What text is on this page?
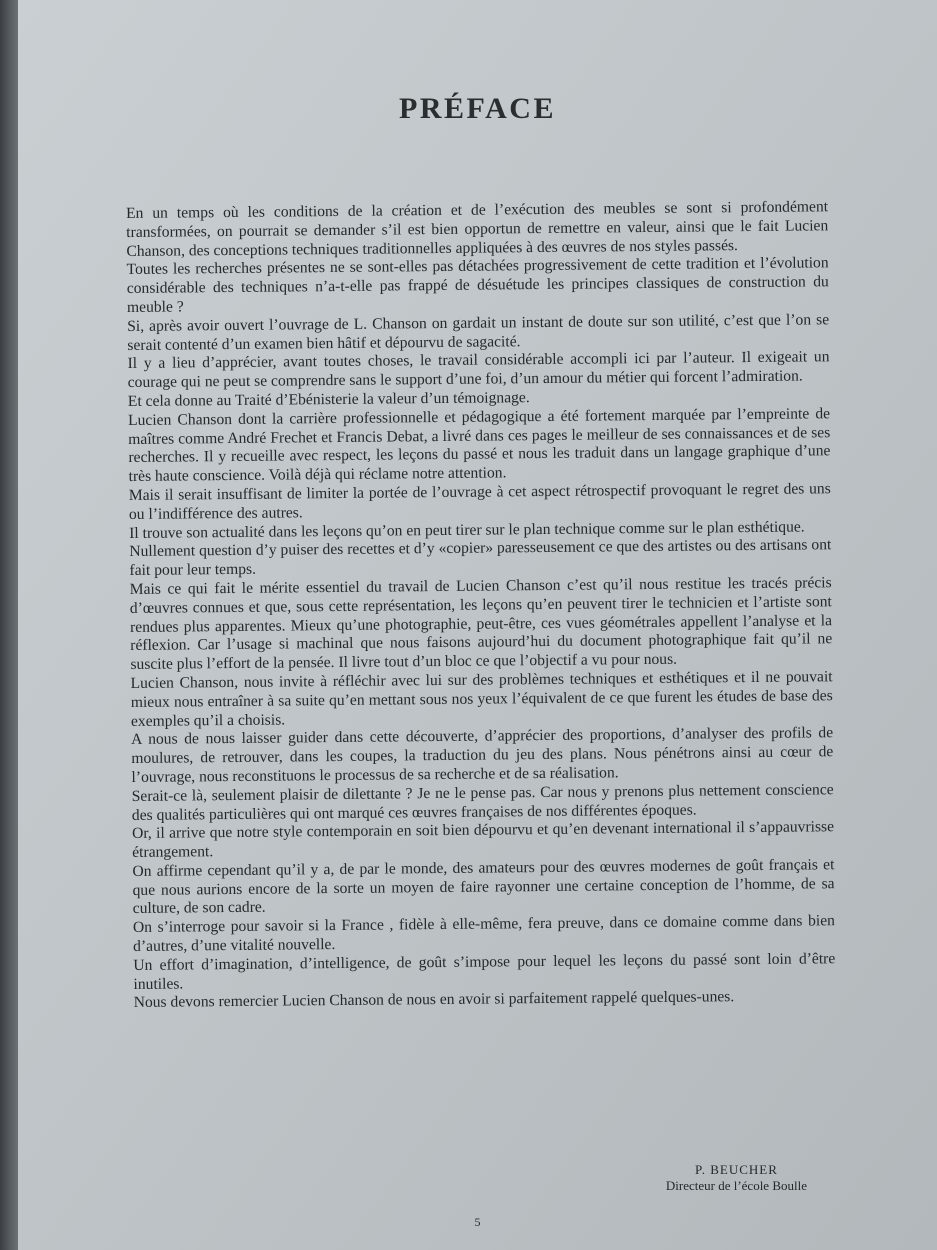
PRÉFACE

En un temps où les conditions de la création et de l’exécution des meubles se sont si profondément transformées, on pourrait se demander s’il est bien opportun de remettre en valeur, ainsi que le fait Lucien Chanson, des conceptions techniques traditionnelles appliquées à des œuvres de nos styles passés.

Toutes les recherches présentes ne se sont-elles pas détachées progressivement de cette tradition et l’évolution considérable des techniques n’a-t-elle pas frappé de désuétude les principes classiques de construction du meuble ?

Si, après avoir ouvert l’ouvrage de L. Chanson on gardait un instant de doute sur son utilité, c’est que l’on se serait contenté d’un examen bien hâtif et dépourvu de sagacité.

Il y a lieu d’apprécier, avant toutes choses, le travail considérable accompli ici par l’auteur. Il exigeait un courage qui ne peut se comprendre sans le support d’une foi, d’un amour du métier qui forcent l’admiration.

Et cela donne au Traité d’Ebénisterie la valeur d’un témoignage.

Lucien Chanson dont la carrière professionnelle et pédagogique a été fortement marquée par l’empreinte de maîtres comme André Frechet et Francis Debat, a livré dans ces pages le meilleur de ses connaissances et de ses recherches. Il y recueille avec respect, les leçons du passé et nous les traduit dans un langage graphique d’une très haute conscience. Voilà déjà qui réclame notre attention.

Mais il serait insuffisant de limiter la portée de l’ouvrage à cet aspect rétrospectif provoquant le regret des uns ou l’indifférence des autres.

Il trouve son actualité dans les leçons qu’on en peut tirer sur le plan technique comme sur le plan esthétique.

Nullement question d’y puiser des recettes et d’y «copier» paresseusement ce que des artistes ou des artisans ont fait pour leur temps.

Mais ce qui fait le mérite essentiel du travail de Lucien Chanson c’est qu’il nous restitue les tracés précis d’œuvres connues et que, sous cette représentation, les leçons qu’en peuvent tirer le technicien et l’artiste sont rendues plus apparentes. Mieux qu’une photographie, peut-être, ces vues géométrales appellent l’analyse et la réflexion. Car l’usage si machinal que nous faisons aujourd’hui du document photographique fait qu’il ne suscite plus l’effort de la pensée. Il livre tout d’un bloc ce que l’objectif a vu pour nous.

Lucien Chanson, nous invite à réfléchir avec lui sur des problèmes techniques et esthétiques et il ne pouvait mieux nous entraîner à sa suite qu’en mettant sous nos yeux l’équivalent de ce que furent les études de base des exemples qu’il a choisis.

A nous de nous laisser guider dans cette découverte, d’apprécier des proportions, d’analyser des profils de moulures, de retrouver, dans les coupes, la traduction du jeu des plans. Nous pénétrons ainsi au cœur de l’ouvrage, nous reconstituons le processus de sa recherche et de sa réalisation.

Serait-ce là, seulement plaisir de dilettante ? Je ne le pense pas. Car nous y prenons plus nettement conscience des qualités particulières qui ont marqué ces œuvres françaises de nos différentes époques.

Or, il arrive que notre style contemporain en soit bien dépourvu et qu’en devenant international il s’appauvrisse étrangement.

On affirme cependant qu’il y a, de par le monde, des amateurs pour des œuvres modernes de goût français et que nous aurions encore de la sorte un moyen de faire rayonner une certaine conception de l’homme, de sa culture, de son cadre.

On s’interroge pour savoir si la France , fidèle à elle-même, fera preuve, dans ce domaine comme dans bien d’autres, d’une vitalité nouvelle.

Un effort d’imagination, d’intelligence, de goût s’impose pour lequel les leçons du passé sont loin d’être inutiles.

Nous devons remercier Lucien Chanson de nous en avoir si parfaitement rappelé quelques-unes.

P. BEUCHER
Directeur de l’école Boulle
5
